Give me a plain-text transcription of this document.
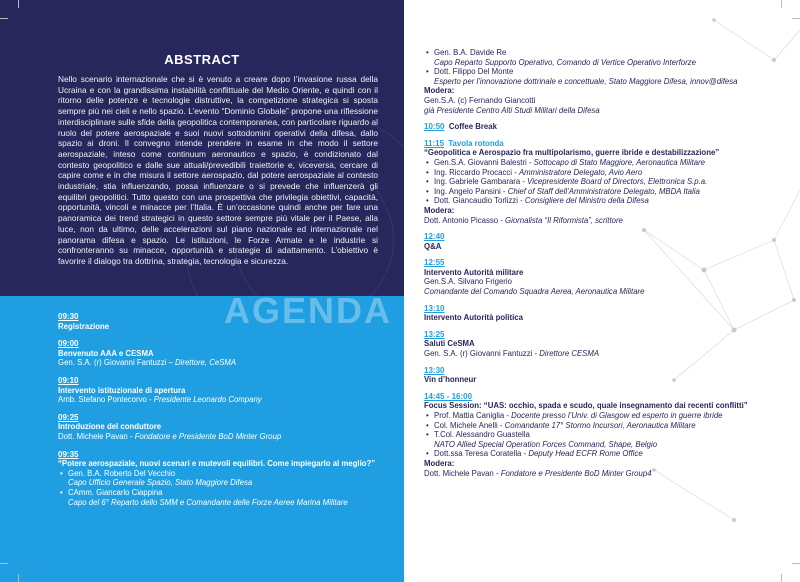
ABSTRACT
Nello scenario internazionale che si è venuto a creare dopo l’invasione russa della Ucraina e con la grandissima instabilità conflittuale del Medio Oriente, e quindi con il ritorno delle potenze e tecnologie distruttive, la competizione strategica si sposta sempre più nei cieli e nello spazio. L’evento “Dominio Globale” propone una riflessione interdisciplinare sulle sfide della geopolitica contemporanea, con particolare riguardo al ruolo del potere aerospaziale e suoi nuovi sottodomini operativi della difesa, dallo spazio ai droni. Il convegno intende prendere in esame in che modo il settore aerospaziale, inteso come continuum aeronautico e spazio, è condizionato dal contesto geopolitico e dalle sue attuali/prevedibili traiettorie e, viceversa, cercare di capire come e in che misura il settore aerospazio, dal potere aerospaziale al contesto industriale, stia influenzando, possa influenzare o si prevede che influenzerà gli equilibri geopolitici. Tutto questo con una prospettiva che privilegia obiettivi, capacità, opportunità, vincoli e minacce per l’Italia. È un’occasione quindi anche per fare una panoramica dei trend strategici in questo settore sempre più vitale per il Paese, alla luce, non da ultimo, delle accelerazioni sul piano nazionale ed internazionale nel panorama difesa e spazio. Le istituzioni, le Forze Armate e le industrie si confronteranno su minacce, opportunità e strategie di adattamento. L’obiettivo è favorire il dialogo tra dottrina, strategia, tecnologia e sicurezza.
AGENDA
09:30
Registrazione
09:00
Benvenuto AAA e CESMA
Gen. S.A. (r) Giovanni Fantuzzi – Direttore, CeSMA
09:10
Intervento istituzionale di apertura
Amb. Stefano Pontecorvo - Presidente Leonardo Company
09:25
Introduzione del conduttore
Dott. Michele Pavan - Fondatore e Presidente BoD Minter Group
09:35
“Potere aerospaziale, nuovi scenari e mutevoli equilibri. Come impiegarlo al meglio?”
• Gen. B.A. Roberto Del Vecchio
Capo Ufficio Generale Spazio, Stato Maggiore Difesa
• CAmm. Giancarlo Ciappina
Capo del 6° Reparto dello SMM e Comandante delle Forze Aeree Marina Militare
• Gen. B.A. Davide Re
Capo Reparto Supporto Operativo, Comando di Vertice Operativo Interforze
• Dott. Filippo Del Monte
Esperto per l’innovazione dottrinale e concettuale, Stato Maggiore Difesa, innov@difesa
Modera:
Gen.S.A. (c) Fernando Giancotti
già Presidente Centro Alti Studi Militari della Difesa
10:50 Coffee Break
11:15 Tavola rotonda
“Geopolitica e Aerospazio fra multipolarismo, guerre ibride e destabilizzazione”
• Gen.S.A. Giovanni Balestri - Sottocapo di Stato Maggiore, Aeronautica Militare
• Ing. Riccardo Procacci - Amministratore Delegato, Avio Aero
• Ing. Gabriele Gambarara - Vicepresidente Board of Directors, Elettronica S.p.a.
• Ing. Angelo Pansini - Chief of Staff dell’Amministratore Delegato, MBDA Italia
• Dott. Giancaudio Torlizzi - Consigliere del Ministro della Difesa
Modera:
Dott. Antonio Picasso - Giornalista “Il Riformista”, scrittore
12:40
Q&A
12:55
Intervento Autorità militare
Gen.S.A. Silvano Frigerio
Comandante del Comando Squadra Aerea, Aeronautica Militare
13:10
Intervento Autorità politica
13:25
Saluti CeSMA
Gen. S.A. (r) Giovanni Fantuzzi - Direttore CESMA
13:30
Vin d’honneur
14:45 - 16:00
Focus Session: “UAS: occhio, spada e scudo, quale insegnamento dai recenti conflitti”
• Prof. Mattia Caniglia - Docente presso l’Univ. di Glasgow ed esperto in guerre ibride
• Col. Michele Anelli - Comandante 17° Stormo Incursori, Aeronautica Militare
• T.Col. Alessandro Guastella
NATO Allied Special Operation Forces Command, Shape, Belgio
• Dott.ssa Teresa Coratella - Deputy Head ECFR Rome Office
Modera:
Dott. Michele Pavan - Fondatore e Presidente BoD Minter Group4
